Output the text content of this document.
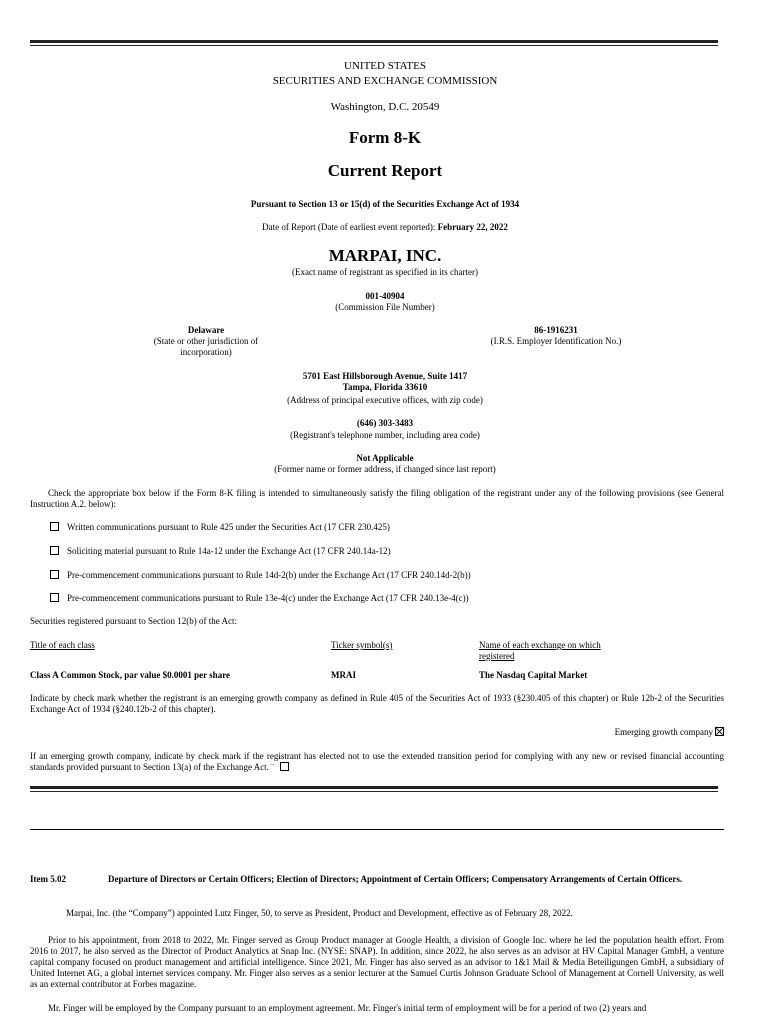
UNITED STATES
SECURITIES AND EXCHANGE COMMISSION
Washington, D.C. 20549
Form 8-K
Current Report
Pursuant to Section 13 or 15(d) of the Securities Exchange Act of 1934
Date of Report (Date of earliest event reported): February 22, 2022
MARPAI, INC.
(Exact name of registrant as specified in its charter)
001-40904
(Commission File Number)
Delaware
(State or other jurisdiction of
incorporation)
86-1916231
(I.R.S. Employer Identification No.)
5701 East Hillsborough Avenue, Suite 1417
Tampa, Florida 33610
(Address of principal executive offices, with zip code)
(646) 303-3483
(Registrant's telephone number, including area code)
Not Applicable
(Former name or former address, if changed since last report)
Check the appropriate box below if the Form 8-K filing is intended to simultaneously satisfy the filing obligation of the registrant under any of the following provisions (see General Instruction A.2. below):
Written communications pursuant to Rule 425 under the Securities Act (17 CFR 230.425)
Soliciting material pursuant to Rule 14a-12 under the Exchange Act (17 CFR 240.14a-12)
Pre-commencement communications pursuant to Rule 14d-2(b) under the Exchange Act (17 CFR 240.14d-2(b))
Pre-commencement communications pursuant to Rule 13e-4(c) under the Exchange Act (17 CFR 240.13e-4(c))
Securities registered pursuant to Section 12(b) of the Act:
Title of each class	Ticker symbol(s)	Name of each exchange on which
registered
Class A Common Stock, par value $0.0001 per share	MRAI	The Nasdaq Capital Market
Indicate by check mark whether the registrant is an emerging growth company as defined in Rule 405 of the Securities Act of 1933 (§230.405 of this chapter) or Rule 12b-2 of the Securities Exchange Act of 1934 (§240.12b-2 of this chapter).
Emerging growth company
If an emerging growth company, indicate by check mark if the registrant has elected not to use the extended transition period for complying with any new or revised financial accounting standards provided pursuant to Section 13(a) of the Exchange Act. ¨
Item 5.02	Departure of Directors or Certain Officers; Election of Directors; Appointment of Certain Officers; Compensatory Arrangements of Certain Officers.
Marpai, Inc. (the “Company”) appointed Lutz Finger, 50, to serve as President, Product and Development, effective as of February 28, 2022.
Prior to his appointment, from 2018 to 2022, Mr. Finger served as Group Product manager at Google Health, a division of Google Inc. where he led the population health effort. From 2016 to 2017, he also served as the Director of Product Analytics at Snap Inc. (NYSE: SNAP). In addition, since 2022, he also serves as an advisor at HV Capital Manager GmbH, a venture capital company focused on product management and artificial intelligence. Since 2021, Mr. Finger has also served as an advisor to 1&1 Mail & Media Beteiligungen GmbH, a subsidiary of United Internet AG, a global internet services company. Mr. Finger also serves as a senior lecturer at the Samuel Curtis Johnson Graduate School of Management at Cornell University, as well as an external contributor at Forbes magazine.
Mr. Finger will be employed by the Company pursuant to an employment agreement. Mr. Finger's initial term of employment will be for a period of two (2) years and
